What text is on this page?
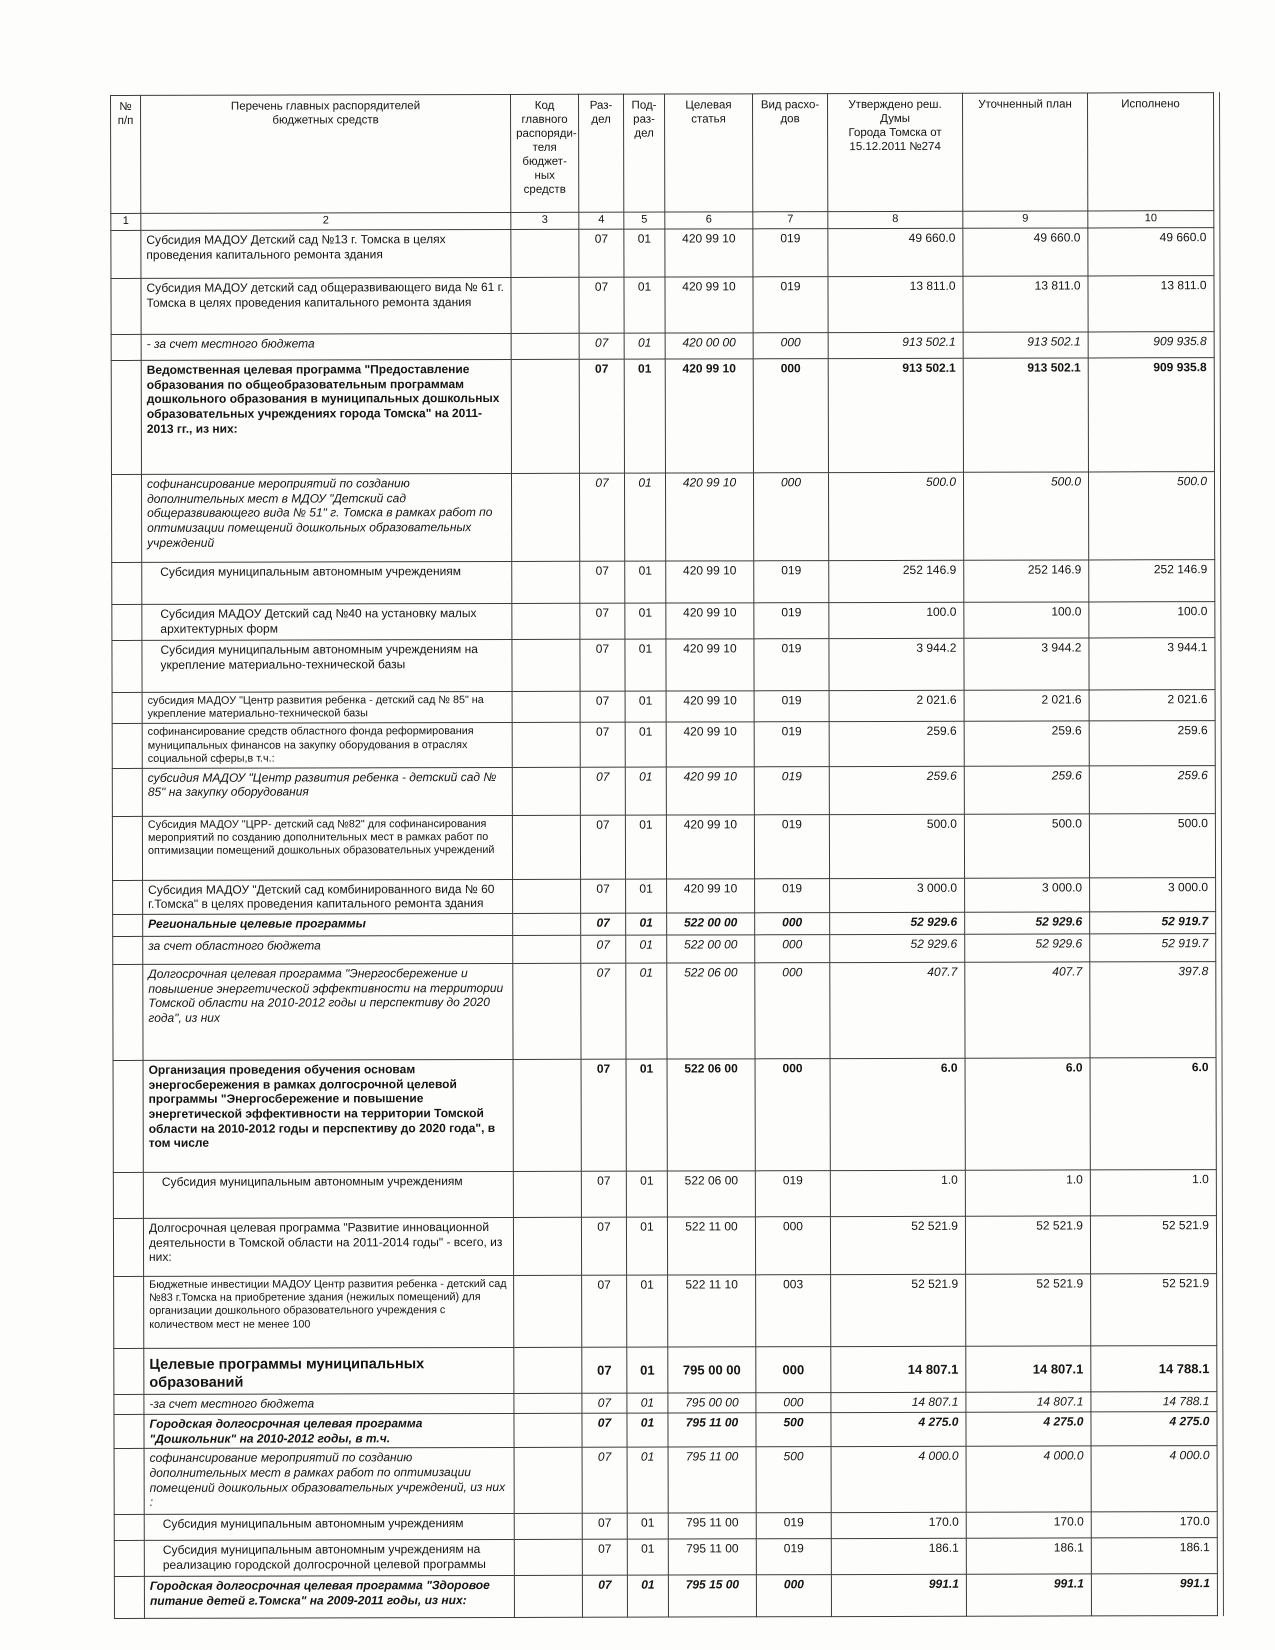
№
п/п	Перечень главных распорядителей
бюджетных средств	Код
главного
распоряди-
теля
бюджет-
ных
средств	Раз-
дел	Под-
раз-
дел	Целевая статья	Вид расхо-
дов	Утверждено реш. Думы
Города Томска от
15.12.2011 №274	Уточненный план	Исполнено
1	2	3	4	5	6	7	8	9	10
	Субсидия МАДОУ Детский сад №13 г. Томска в целях проведения капитального ремонта здания		07	01	420 99 10	019	49 660.0	49 660.0	49 660.0
	Субсидия МАДОУ детский сад общеразвивающего вида № 61 г. Томска в целях проведения капитального ремонта здания		07	01	420 99 10	019	13 811.0	13 811.0	13 811.0
	- за счет местного бюджета		07	01	420 00 00	000	913 502.1	913 502.1	909 935.8
	Ведомственная целевая программа "Предоставление образования по общеобразовательным программам дошкольного образования в муниципальных дошкольных образовательных учреждениях города Томска" на 2011-2013 гг., из них:		07	01	420 99 10	000	913 502.1	913 502.1	909 935.8
	софинансирование мероприятий по созданию дополнительных мест в МДОУ "Детский сад общеразвивающего вида № 51" г. Томска в рамках работ по оптимизации помещений дошкольных образовательных учреждений		07	01	420 99 10	000	500.0	500.0	500.0
	Субсидия муниципальным автономным учреждениям		07	01	420 99 10	019	252 146.9	252 146.9	252 146.9
	Субсидия МАДОУ Детский сад №40 на установку малых архитектурных форм		07	01	420 99 10	019	100.0	100.0	100.0
	Субсидия муниципальным автономным учреждениям на укрепление материально-технической базы		07	01	420 99 10	019	3 944.2	3 944.2	3 944.1
	субсидия МАДОУ "Центр развития ребенка - детский сад № 85" на укрепление материально-технической базы		07	01	420 99 10	019	2 021.6	2 021.6	2 021.6
	софинансирование средств областного фонда реформирования муниципальных финансов на закупку оборудования в отраслях социальной сферы,в т.ч.:		07	01	420 99 10	019	259.6	259.6	259.6
	субсидия МАДОУ "Центр развития ребенка - детский сад № 85" на закупку оборудования		07	01	420 99 10	019	259.6	259.6	259.6
	Субсидия МАДОУ "ЦРР- детский сад №82" для софинансирования мероприятий по созданию дополнительных мест в рамках работ по оптимизации помещений дошкольных образовательных учреждений		07	01	420 99 10	019	500.0	500.0	500.0
	Субсидия МАДОУ "Детский сад комбинированного вида № 60 г.Томска" в целях проведения капитального ремонта здания		07	01	420 99 10	019	3 000.0	3 000.0	3 000.0
	Региональные целевые программы		07	01	522 00 00	000	52 929.6	52 929.6	52 919.7
	за счет областного бюджета		07	01	522 00 00	000	52 929.6	52 929.6	52 919.7
	Долгосрочная целевая программа "Энергосбережение и повышение энергетической эффективности на территории Томской области на 2010-2012 годы и перспективу до 2020 года", из них		07	01	522 06 00	000	407.7	407.7	397.8
	Организация проведения обучения основам энергосбережения в рамках долгосрочной целевой программы "Энергосбережение и повышение энергетической эффективности на территории Томской области на 2010-2012 годы и перспективу до 2020 года", в том числе		07	01	522 06 00	000	6.0	6.0	6.0
	Субсидия муниципальным автономным учреждениям		07	01	522 06 00	019	1.0	1.0	1.0
	Долгосрочная целевая программа "Развитие инновационной деятельности в Томской области на 2011-2014 годы" - всего, из них:		07	01	522 11 00	000	52 521.9	52 521.9	52 521.9
	Бюджетные инвестиции МАДОУ Центр развития ребенка - детский сад №83 г.Томска на приобретение здания (нежилых помещений) для организации дошкольного образовательного учреждения с количеством мест не менее 100		07	01	522 11 10	003	52 521.9	52 521.9	52 521.9
	Целевые программы муниципальных образований		07	01	795 00 00	000	14 807.1	14 807.1	14 788.1
	-за счет местного бюджета		07	01	795 00 00	000	14 807.1	14 807.1	14 788.1
	Городская долгосрочная целевая программа "Дошкольник" на 2010-2012 годы, в т.ч.		07	01	795 11 00	500	4 275.0	4 275.0	4 275.0
	софинансирование мероприятий по созданию дополнительных мест в рамках работ по оптимизации помещений дошкольных образовательных учреждений, из них :		07	01	795 11 00	500	4 000.0	4 000.0	4 000.0
	Субсидия муниципальным автономным учреждениям		07	01	795 11 00	019	170.0	170.0	170.0
	Субсидия муниципальным автономным учреждениям на реализацию городской долгосрочной целевой программы		07	01	795 11 00	019	186.1	186.1	186.1
	Городская долгосрочная целевая программа "Здоровое питание детей г.Томска" на 2009-2011 годы, из них:		07	01	795 15 00	000	991.1	991.1	991.1
